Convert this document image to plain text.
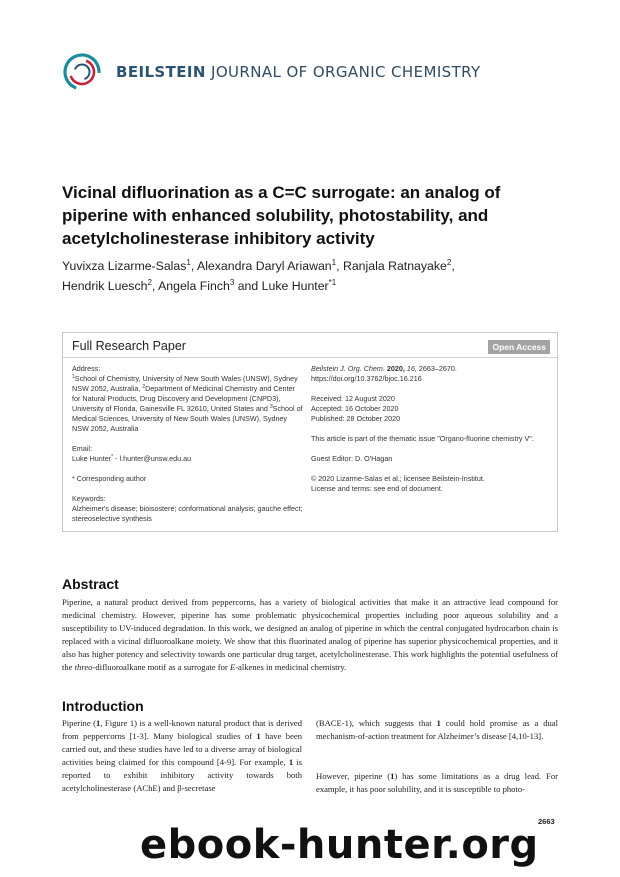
BEILSTEIN JOURNAL OF ORGANIC CHEMISTRY
Vicinal difluorination as a C=C surrogate: an analog of piperine with enhanced solubility, photostability, and acetylcholinesterase inhibitory activity
Yuvixza Lizarme-Salas$^1$, Alexandra Daryl Ariawan$^1$, Ranjala Ratnayake$^2$,
Hendrik Luesch$^2$, Angela Finch$^3$ and Luke Hunter$^{*1}$
Full Research Paper	Open Access
Address:
$^1$School of Chemistry, University of New South Wales (UNSW), Sydney NSW 2052, Australia, $^2$Department of Medicinal Chemistry and Center for Natural Products, Drug Discovery and Development (CNPD3), University of Florida, Gainesville FL 32610, United States and $^3$School of Medical Sciences, University of New South Wales (UNSW), Sydney NSW 2052, Australia
Email:
Luke Hunter* - l.hunter@unsw.edu.au
* Corresponding author
Keywords:
Alzheimer's disease; bioisostere; conformational analysis; gauche effect; stereoselective synthesis
Beilstein J. Org. Chem. 2020, 16, 2663–2670.
https://doi.org/10.3762/bjoc.16.216
Received: 12 August 2020
Accepted: 16 October 2020
Published: 28 October 2020
This article is part of the thematic issue "Organo-fluorine chemistry V".
Guest Editor: D. O'Hagan
© 2020 Lizarme-Salas et al.; licensee Beilstein-Institut.
License and terms: see end of document.
Abstract

Piperine, a natural product derived from peppercorns, has a variety of biological activities that make it an attractive lead compound for medicinal chemistry. However, piperine has some problematic physicochemical properties including poor aqueous solubility and a susceptibility to UV-induced degradation. In this work, we designed an analog of piperine in which the central conjugated hydrocarbon chain is replaced with a vicinal difluoroalkane moiety. We show that this fluorinated analog of piperine has superior physicochemical properties, and it also has higher potency and selectivity towards one particular drug target, acetylcholinesterase. This work highlights the potential usefulness of the threo-difluoroalkane motif as a surrogate for E-alkenes in medicinal chemistry.

Introduction

Piperine (1, Figure 1) is a well-known natural product that is derived from peppercorns [1-3]. Many biological studies of 1 have been carried out, and these studies have led to a diverse array of biological activities being claimed for this compound [4-9]. For example, 1 is reported to exhibit inhibitory activity towards both acetylcholinesterase (AChE) and β-secretase

(BACE-1), which suggests that 1 could hold promise as a dual mechanism-of-action treatment for Alzheimer’s disease [4,10-13].

However, piperine (1) has some limitations as a drug lead. For example, it has poor solubility, and it is susceptible to photo-

2663
ebook-hunter.org
